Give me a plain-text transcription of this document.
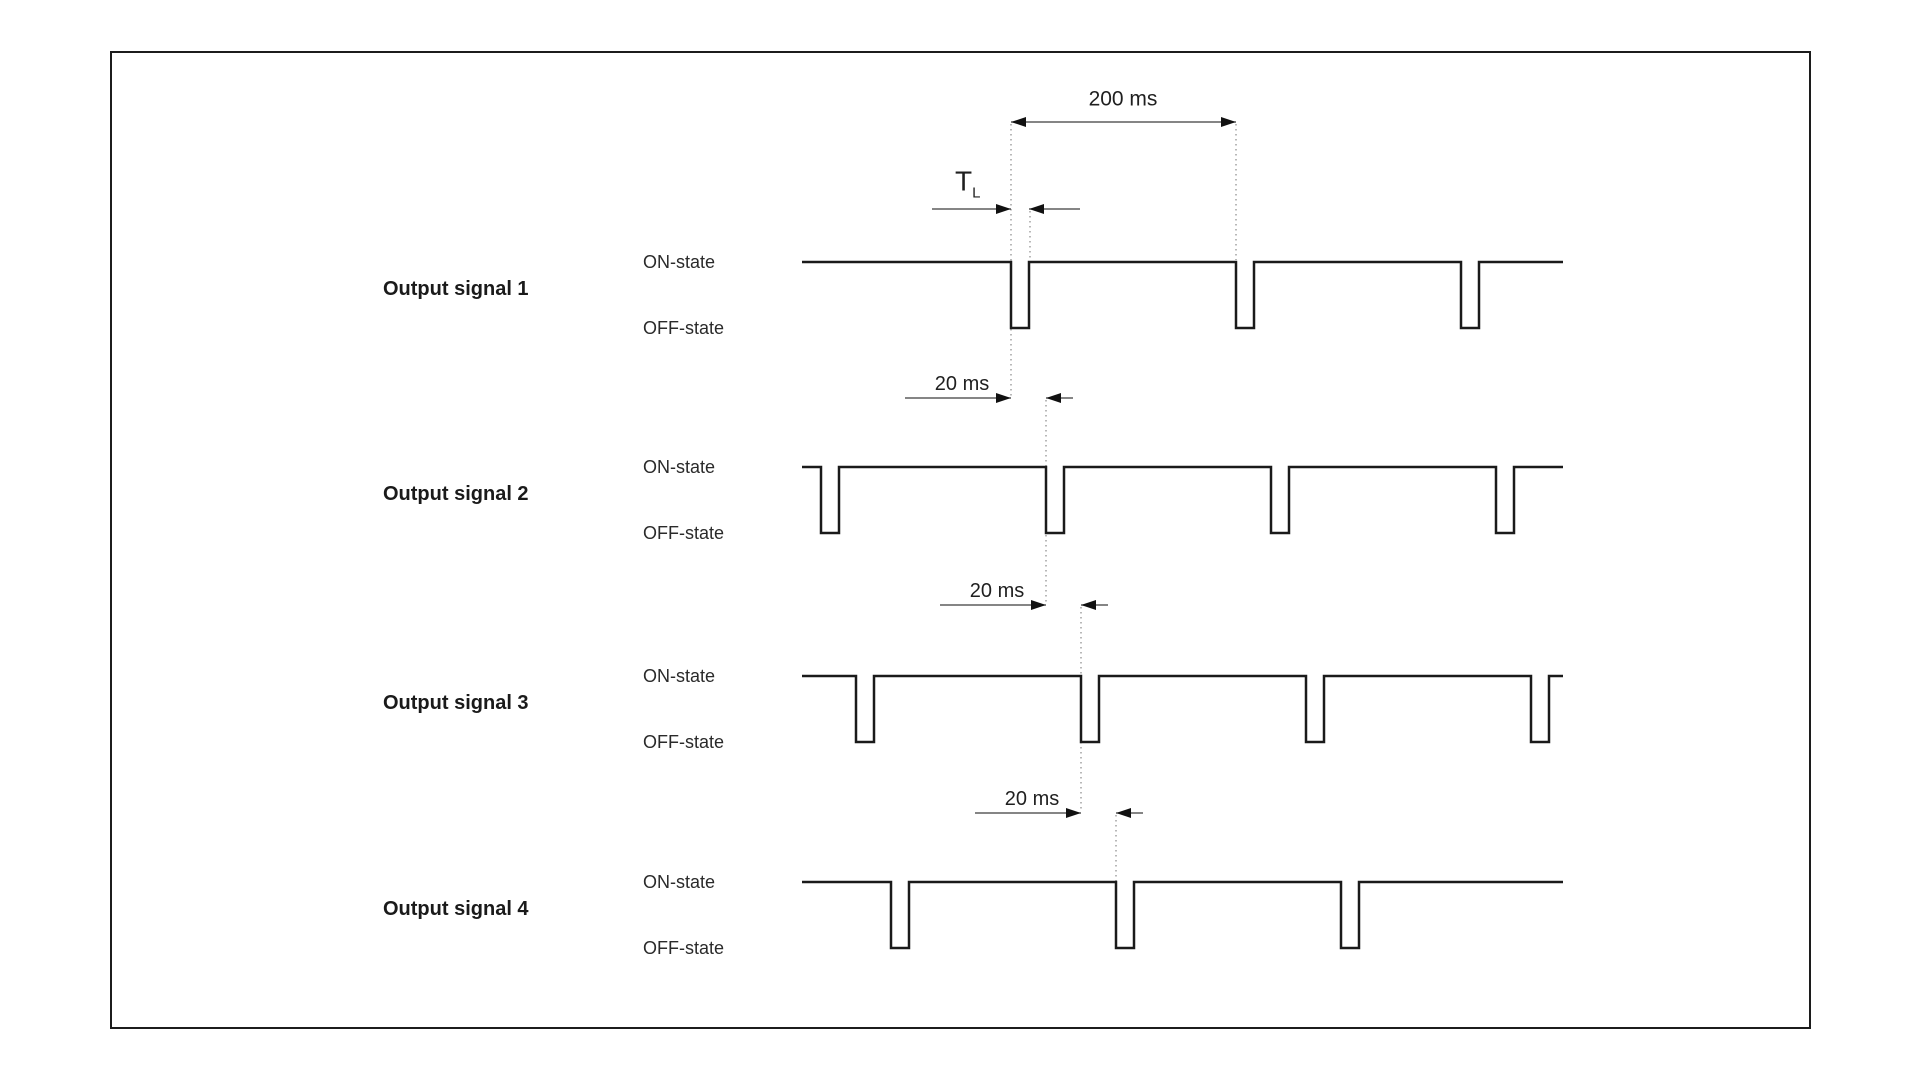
Output signal 1
Output signal 2
Output signal 3
Output signal 4
ON-state
OFF-state
ON-state
OFF-state
ON-state
OFF-state
ON-state
OFF-state
200 ms
20 ms
20 ms
20 ms
$T_L$
